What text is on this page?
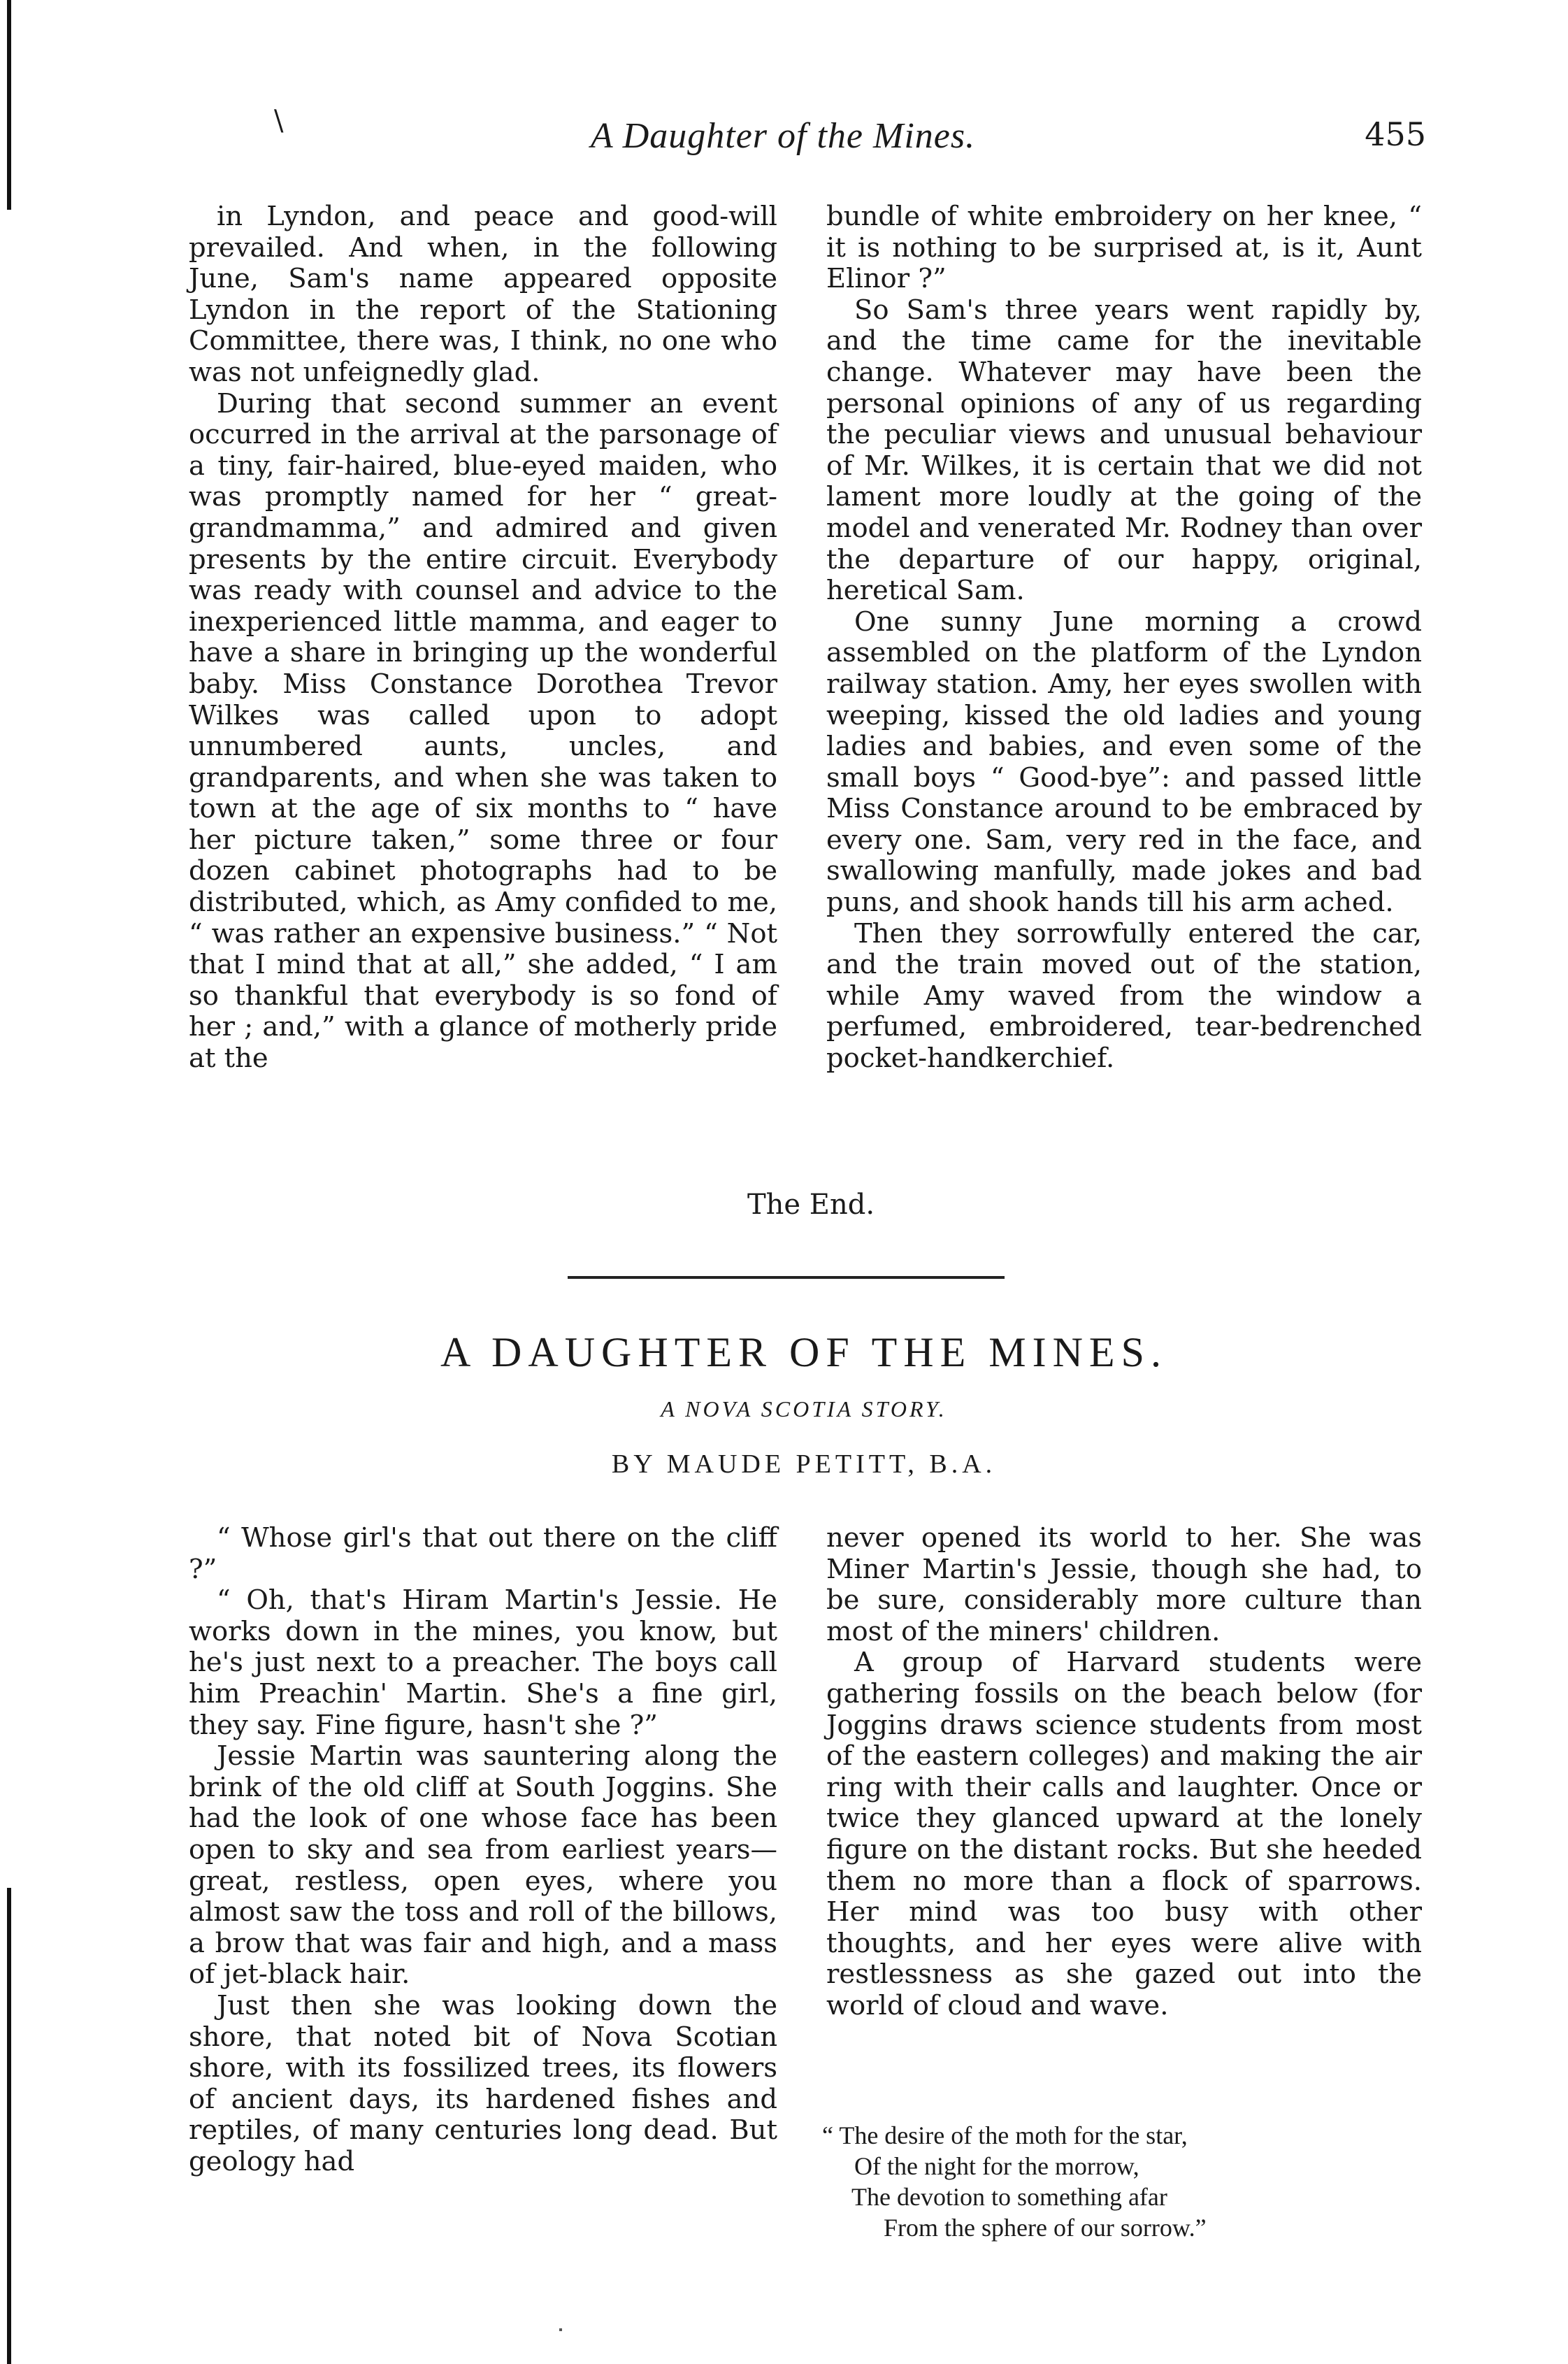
\	A Daughter of the Mines.	455

in Lyndon, and peace and good-will prevailed. And when, in the following June, Sam's name appeared opposite Lyndon in the report of the Stationing Committee, there was, I think, no one who was not unfeignedly glad.

During that second summer an event occurred in the arrival at the parsonage of a tiny, fair-haired, blue-eyed maiden, who was promptly named for her “ great-grandmamma,” and admired and given presents by the entire circuit. Everybody was ready with counsel and advice to the inexperienced little mamma, and eager to have a share in bringing up the wonderful baby. Miss Constance Dorothea Trevor Wilkes was called upon to adopt unnumbered aunts, uncles, and grandparents, and when she was taken to town at the age of six months to “ have her picture taken,” some three or four dozen cabinet photographs had to be distributed, which, as Amy confided to me, “ was rather an expensive business.” “ Not that I mind that at all,” she added, “ I am so thankful that everybody is so fond of her ; and,” with a glance of motherly pride at the

bundle of white embroidery on her knee, “ it is nothing to be surprised at, is it, Aunt Elinor ?”

So Sam's three years went rapidly by, and the time came for the inevitable change. Whatever may have been the personal opinions of any of us regarding the peculiar views and unusual behaviour of Mr. Wilkes, it is certain that we did not lament more loudly at the going of the model and venerated Mr. Rodney than over the departure of our happy, original, heretical Sam.

One sunny June morning a crowd assembled on the platform of the Lyndon railway station. Amy, her eyes swollen with weeping, kissed the old ladies and young ladies and babies, and even some of the small boys “ Good-bye”: and passed little Miss Constance around to be embraced by every one. Sam, very red in the face, and swallowing manfully, made jokes and bad puns, and shook hands till his arm ached.

Then they sorrowfully entered the car, and the train moved out of the station, while Amy waved from the window a perfumed, embroidered, tear-bedrenched pocket-handkerchief.

The End.
A DAUGHTER OF THE MINES.
A NOVA SCOTIA STORY.
BY MAUDE PETITT, B.A.

“ Whose girl's that out there on the cliff ?”

“ Oh, that's Hiram Martin's Jessie. He works down in the mines, you know, but he's just next to a preacher. The boys call him Preachin' Martin. She's a fine girl, they say. Fine figure, hasn't she ?”

Jessie Martin was sauntering along the brink of the old cliff at South Joggins. She had the look of one whose face has been open to sky and sea from earliest years—great, restless, open eyes, where you almost saw the toss and roll of the billows, a brow that was fair and high, and a mass of jet-black hair.

Just then she was looking down the shore, that noted bit of Nova Scotian shore, with its fossilized trees, its flowers of ancient days, its hardened fishes and reptiles, of many centuries long dead. But geology had

never opened its world to her. She was Miner Martin's Jessie, though she had, to be sure, considerably more culture than most of the miners' children.

A group of Harvard students were gathering fossils on the beach below (for Joggins draws science students from most of the eastern colleges) and making the air ring with their calls and laughter. Once or twice they glanced upward at the lonely figure on the distant rocks. But she heeded them no more than a flock of sparrows. Her mind was too busy with other thoughts, and her eyes were alive with restlessness as she gazed out into the world of cloud and wave.

“ The desire of the moth for the star,
Of the night for the morrow,
The devotion to something afar
From the sphere of our sorrow.”
